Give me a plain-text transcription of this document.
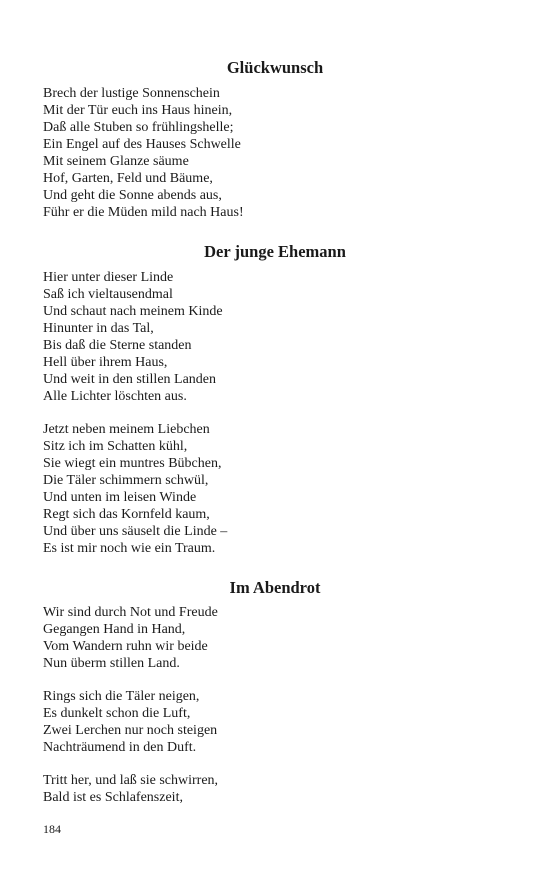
Glückwunsch
Brech der lustige Sonnenschein
Mit der Tür euch ins Haus hinein,
Daß alle Stuben so frühlingshelle;
Ein Engel auf des Hauses Schwelle
Mit seinem Glanze säume
Hof, Garten, Feld und Bäume,
Und geht die Sonne abends aus,
Führ er die Müden mild nach Haus!
Der junge Ehemann
Hier unter dieser Linde
Saß ich vieltausendmal
Und schaut nach meinem Kinde
Hinunter in das Tal,
Bis daß die Sterne standen
Hell über ihrem Haus,
Und weit in den stillen Landen
Alle Lichter löschten aus.
Jetzt neben meinem Liebchen
Sitz ich im Schatten kühl,
Sie wiegt ein muntres Bübchen,
Die Täler schimmern schwül,
Und unten im leisen Winde
Regt sich das Kornfeld kaum,
Und über uns säuselt die Linde –
Es ist mir noch wie ein Traum.
Im Abendrot
Wir sind durch Not und Freude
Gegangen Hand in Hand,
Vom Wandern ruhn wir beide
Nun überm stillen Land.
Rings sich die Täler neigen,
Es dunkelt schon die Luft,
Zwei Lerchen nur noch steigen
Nachträumend in den Duft.
Tritt her, und laß sie schwirren,
Bald ist es Schlafenszeit,
184
